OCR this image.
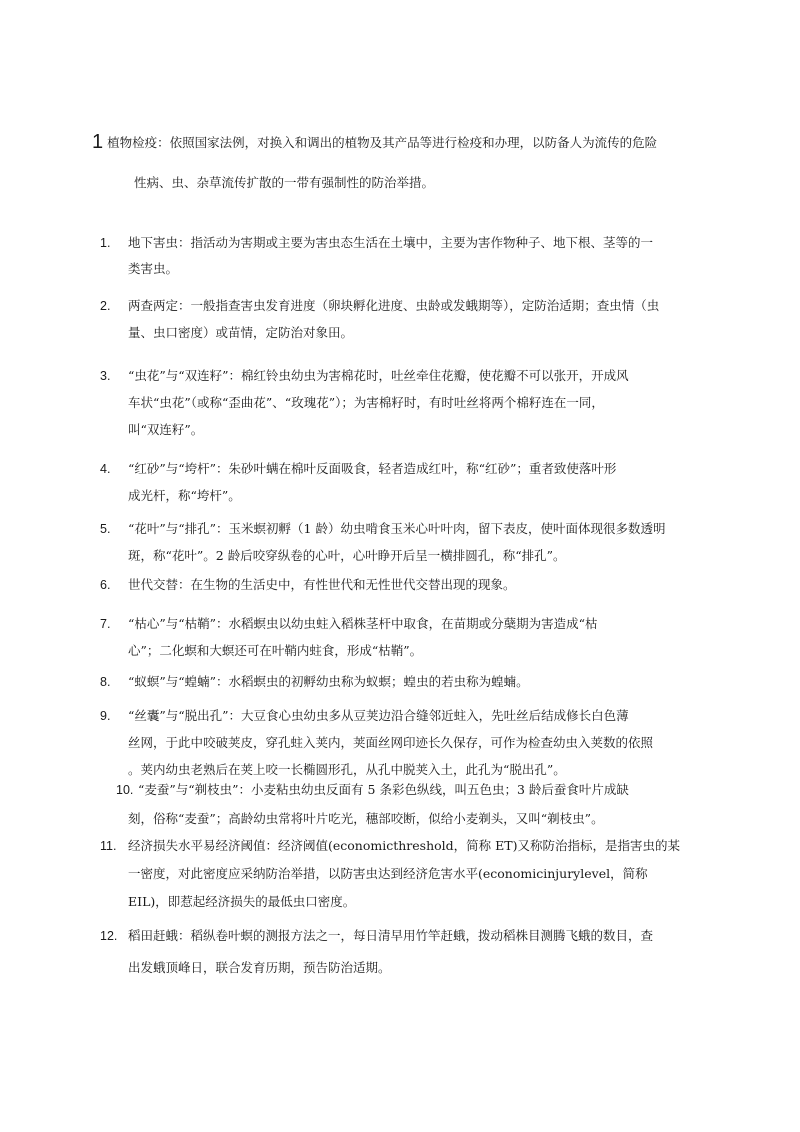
1 植物检疫：依照国家法例，对换入和调出的植物及其产品等进行检疫和办理，以防备人为流传的危险
性病、虫、杂草流传扩散的一带有强制性的防治举措。
1. 地下害虫：指活动为害期或主要为害虫态生活在土壤中，主要为害作物种子、地下根、茎等的一
类害虫。
2. 两查两定：一般指查害虫发育进度（卵块孵化进度、虫龄或发蛾期等），定防治适期；查虫情（虫
量、虫口密度）或苗情，定防治对象田。
3. “虫花”与“双连籽”：棉红铃虫幼虫为害棉花时，吐丝牵住花瓣，使花瓣不可以张开，开成风
车状“虫花”（或称“歪曲花”、“玫瑰花”）；为害棉籽时，有时吐丝将两个棉籽连在一同，
叫“双连籽”。
4. “红砂”与“垮杆”：朱砂叶螨在棉叶反面吸食，轻者造成红叶，称“红砂”；重者致使落叶形
成光杆，称“垮杆”。
5. “花叶”与“排孔”：玉米螟初孵（1 龄）幼虫啃食玉米心叶叶肉，留下表皮，使叶面体现很多数透明
斑，称“花叶”。2 龄后咬穿纵卷的心叶，心叶睁开后呈一横排圆孔，称“排孔”。
6. 世代交替：在生物的生活史中，有性世代和无性世代交替出现的现象。
7. “枯心”与“枯鞘”：水稻螟虫以幼虫蛀入稻株茎杆中取食，在苗期或分蘖期为害造成“枯
心”；二化螟和大螟还可在叶鞘内蛀食，形成“枯鞘”。
8. “蚁螟”与“蝗蝻”：水稻螟虫的初孵幼虫称为蚁螟；蝗虫的若虫称为蝗蝻。
9. “丝囊”与“脱出孔”：大豆食心虫幼虫多从豆荚边沿合缝邻近蛀入，先吐丝后结成修长白色薄
丝网，于此中咬破荚皮，穿孔蛀入荚内，荚面丝网印迹长久保存，可作为检查幼虫入荚数的依照
。荚内幼虫老熟后在荚上咬一长椭圆形孔，从孔中脱荚入土，此孔为“脱出孔”。
10. “麦蚕”与“剃枝虫”：小麦粘虫幼虫反面有 5 条彩色纵线，叫五色虫；3 龄后蚕食叶片成缺
刻，俗称“麦蚕”；高龄幼虫常将叶片吃光，穗部咬断，似给小麦剃头，又叫“剃枝虫”。
11. 经济损失水平易经济阈值：经济阈值(economicthreshold，简称 ET)又称防治指标，是指害虫的某
一密度，对此密度应采纳防治举措，以防害虫达到经济危害水平(economicinjurylevel，简称
EIL)，即惹起经济损失的最低虫口密度。
12. 稻田赶蛾：稻纵卷叶螟的测报方法之一，每日清早用竹竿赶蛾，拨动稻株目测腾飞蛾的数目，查
出发蛾顶峰日，联合发育历期，预告防治适期。
